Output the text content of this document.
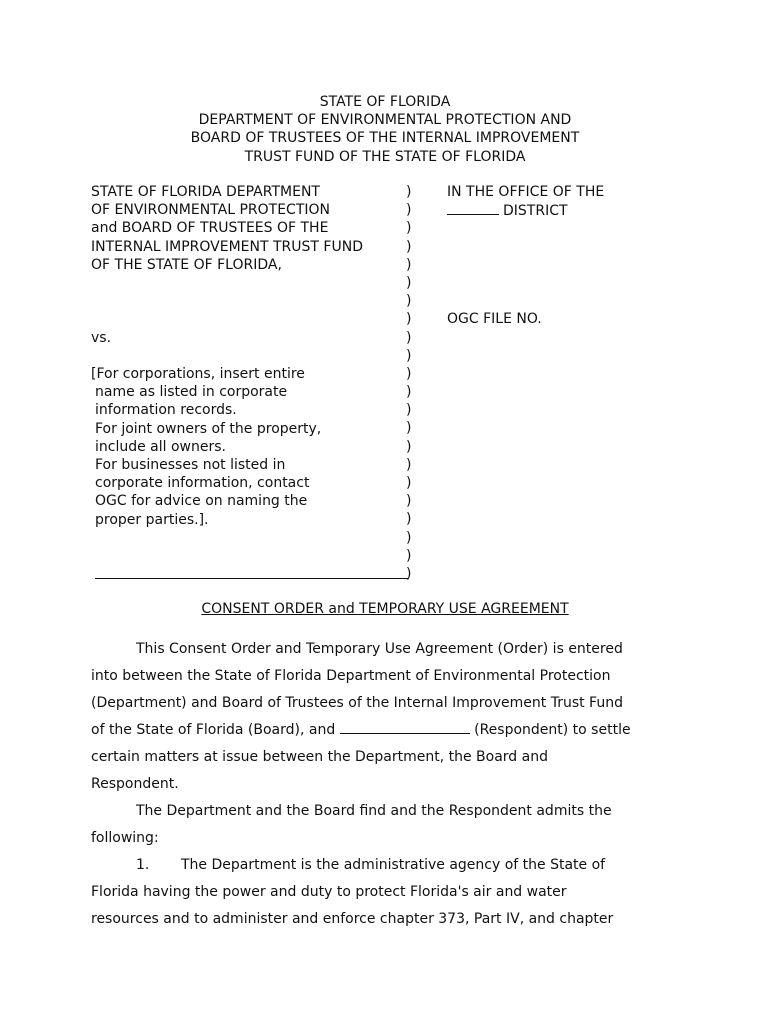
STATE OF FLORIDA
DEPARTMENT OF ENVIRONMENTAL PROTECTION AND
BOARD OF TRUSTEES OF THE INTERNAL IMPROVEMENT
TRUST FUND OF THE STATE OF FLORIDA
STATE OF FLORIDA DEPARTMENT
OF ENVIRONMENTAL PROTECTION
and BOARD OF TRUSTEES OF THE
INTERNAL IMPROVEMENT TRUST FUND
OF THE STATE OF FLORIDA,
vs.
[For corporations, insert entire
name as listed in corporate
information records.
For joint owners of the property,
include all owners.
For businesses not listed in
corporate information, contact
OGC for advice on naming the
proper parties.].
)
)
)
)
)
)
)
)
)
)
)
)
)
)
)
)
)
)
)
)
)
)
IN THE OFFICE OF THE
DISTRICT
OGC FILE NO.
CONSENT ORDER and TEMPORARY USE AGREEMENT
This Consent Order and Temporary Use Agreement (Order) is entered
into between the State of Florida Department of Environmental Protection
(Department) and Board of Trustees of the Internal Improvement Trust Fund
of the State of Florida (Board), and	(Respondent) to settle
certain matters at issue between the Department, the Board and
Respondent.
The Department and the Board find and the Respondent admits the
following:
1. The Department is the administrative agency of the State of
Florida having the power and duty to protect Florida's air and water
resources and to administer and enforce chapter 373, Part IV, and chapter
